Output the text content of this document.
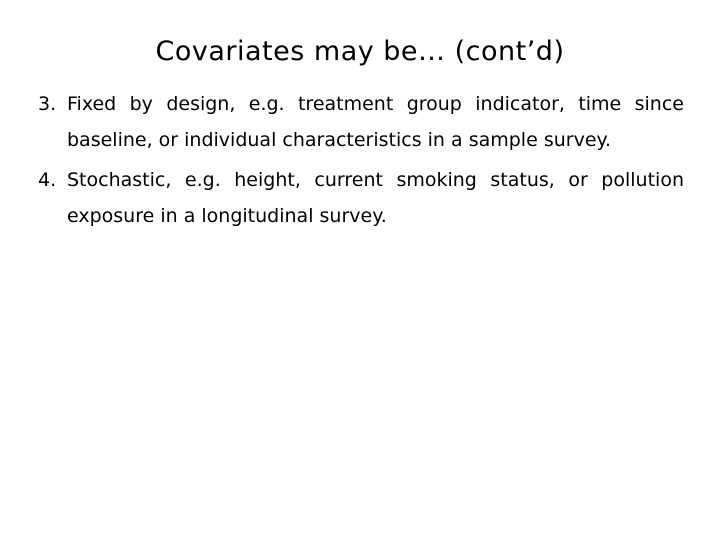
Covariates may be… (cont’d)
3. Fixed by design, e.g. treatment group indicator, time since baseline, or individual characteristics in a sample survey.
4. Stochastic, e.g. height, current smoking status, or pollution exposure in a longitudinal survey.
